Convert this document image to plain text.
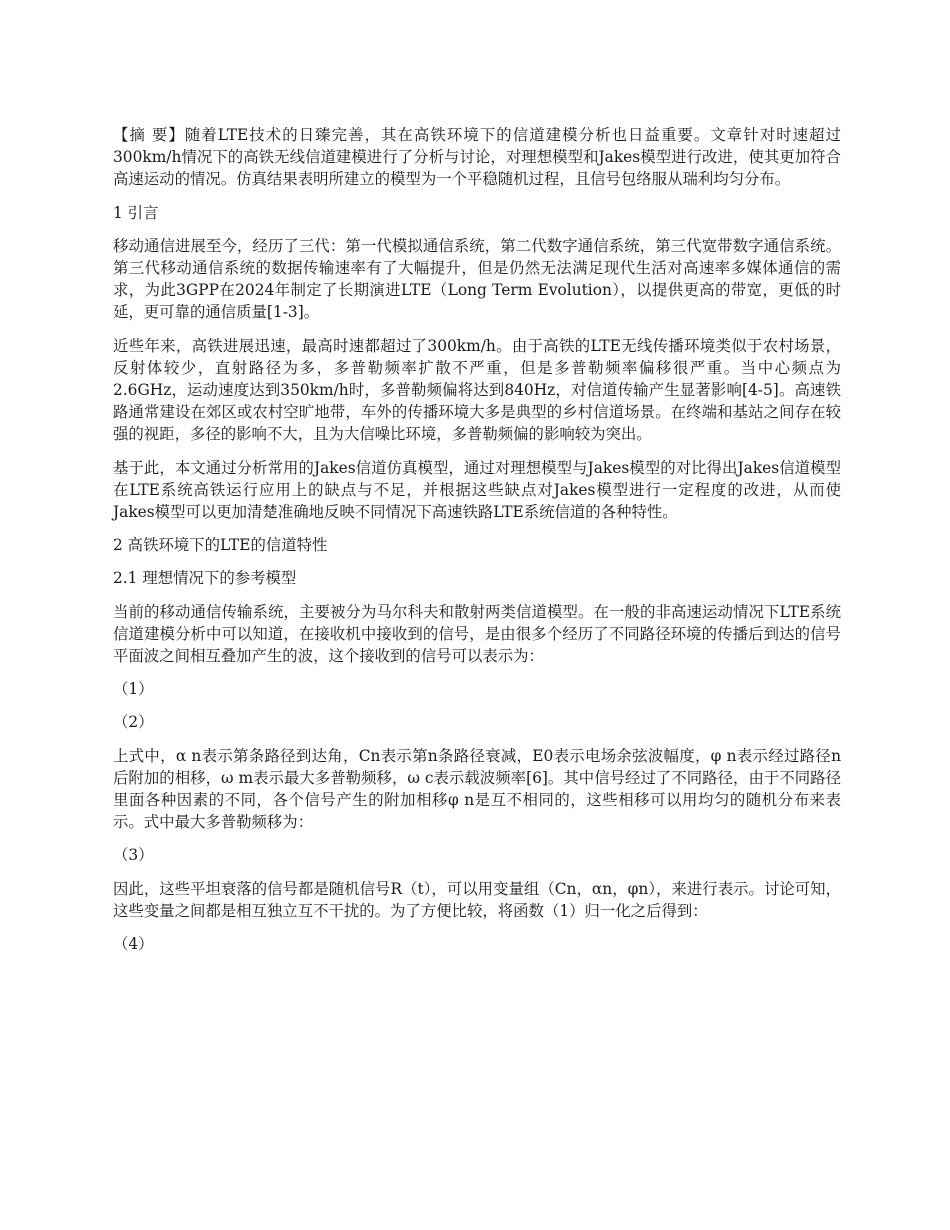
【摘 要】随着LTE技术的日臻完善，其在高铁环境下的信道建模分析也日益重要。文章针对时速超过300km/h情况下的高铁无线信道建模进行了分析与讨论，对理想模型和Jakes模型进行改进，使其更加符合高速运动的情况。仿真结果表明所建立的模型为一个平稳随机过程，且信号包络服从瑞利均匀分布。

1 引言

移动通信进展至今，经历了三代：第一代模拟通信系统，第二代数字通信系统，第三代宽带数字通信系统。第三代移动通信系统的数据传输速率有了大幅提升，但是仍然无法满足现代生活对高速率多媒体通信的需求，为此3GPP在2024年制定了长期演进LTE（Long Term Evolution），以提供更高的带宽，更低的时延，更可靠的通信质量[1-3]。

近些年来，高铁进展迅速，最高时速都超过了300km/h。由于高铁的LTE无线传播环境类似于农村场景，反射体较少，直射路径为多，多普勒频率扩散不严重，但是多普勒频率偏移很严重。当中心频点为2.6GHz，运动速度达到350km/h时，多普勒频偏将达到840Hz，对信道传输产生显著影响[4-5]。高速铁路通常建设在郊区或农村空旷地带，车外的传播环境大多是典型的乡村信道场景。在终端和基站之间存在较强的视距，多径的影响不大，且为大信噪比环境，多普勒频偏的影响较为突出。

基于此，本文通过分析常用的Jakes信道仿真模型，通过对理想模型与Jakes模型的对比得出Jakes信道模型在LTE系统高铁运行应用上的缺点与不足，并根据这些缺点对Jakes模型进行一定程度的改进，从而使Jakes模型可以更加清楚准确地反映不同情况下高速铁路LTE系统信道的各种特性。

2 高铁环境下的LTE的信道特性

2.1 理想情况下的参考模型

当前的移动通信传输系统，主要被分为马尔科夫和散射两类信道模型。在一般的非高速运动情况下LTE系统信道建模分析中可以知道，在接收机中接收到的信号，是由很多个经历了不同路径环境的传播后到达的信号平面波之间相互叠加产生的波，这个接收到的信号可以表示为：

（1）

（2）

上式中，α n表示第条路径到达角，Cn表示第n条路径衰减，E0表示电场余弦波幅度，φ n表示经过路径n后附加的相移，ω m表示最大多普勒频移，ω c表示载波频率[6]。其中信号经过了不同路径，由于不同路径里面各种因素的不同，各个信号产生的附加相移φ n是互不相同的，这些相移可以用均匀的随机分布来表示。式中最大多普勒频移为：

（3）

因此，这些平坦衰落的信号都是随机信号R（t），可以用变量组（Cn，αn，φn），来进行表示。讨论可知，这些变量之间都是相互独立互不干扰的。为了方便比较，将函数（1）归一化之后得到：

（4）
